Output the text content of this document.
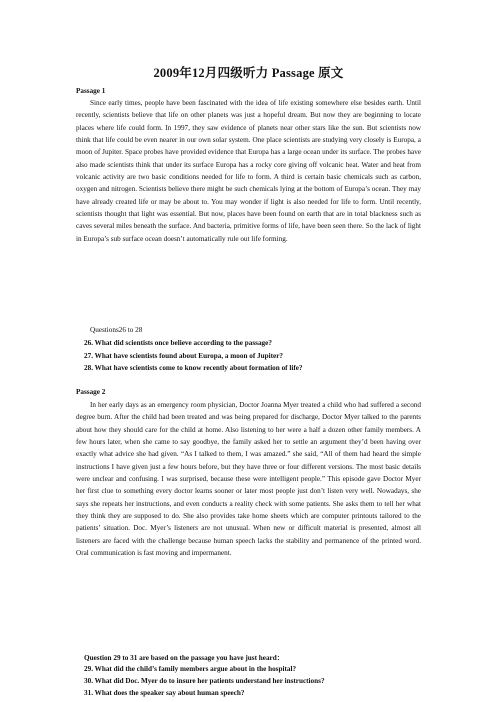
2009年12月四级听力 Passage 原文
Passage 1

Since early times, people have been fascinated with the idea of life existing somewhere else besides earth. Until recently, scientists believe that life on other planets was just a hopeful dream. But now they are beginning to locate places where life could form. In 1997, they saw evidence of planets near other stars like the sun. But scientists now think that life could be even nearer in our own solar system. One place scientists are studying very closely is Europa, a moon of Jupiter. Space probes have provided evidence that Europa has a large ocean under its surface. The probes have also made scientists think that under its surface Europa has a rocky core giving off volcanic heat. Water and heat from volcanic activity are two basic conditions needed for life to form. A third is certain basic chemicals such as carbon, oxygen and nitrogen. Scientists believe there might be such chemicals lying at the bottom of Europa’s ocean. They may have already created life or may be about to. You may wonder if light is also needed for life to form. Until recently, scientists thought that light was essential. But now, places have been found on earth that are in total blackness such as caves several miles beneath the surface. And bacteria, primitive forms of life, have been seen there. So the lack of light in Europa’s sub surface ocean doesn’t automatically rule out life forming.

Questions26 to 28
26. What did scientists once believe according to the passage?
27. What have scientists found about Europa, a moon of Jupiter?
28. What have scientists come to know recently about formation of life?
Passage 2

In her early days as an emergency room physician, Doctor Joanna Myer treated a child who had suffered a second degree burn. After the child had been treated and was being prepared for discharge, Doctor Myer talked to the parents about how they should care for the child at home. Also listening to her were a half a dozen other family members. A few hours later, when she came to say goodbye, the family asked her to settle an argument they’d been having over exactly what advice she had given. “As I talked to them, I was amazed.” she said, “All of them had heard the simple instructions I have given just a few hours before, but they have three or four different versions. The most basic details were unclear and confusing. I was surprised, because these were intelligent people.” This episode gave Doctor Myer her first clue to something every doctor learns sooner or later most people just don’t listen very well. Nowadays, she says she repeats her instructions, and even conducts a reality check with some patients. She asks them to tell her what they think they are supposed to do. She also provides take home sheets which are computer printouts tailored to the patients’ situation. Doc. Myer’s listeners are not unusual. When new or difficult material is presented, almost all listeners are faced with the challenge because human speech lacks the stability and permanence of the printed word. Oral communication is fast moving and impermanent.

Question 29 to 31 are based on the passage you have just heard：
29. What did the child’s family members argue about in the hospital?
30. What did Doc. Myer do to insure her patients understand her instructions?
31. What does the speaker say about human speech?
